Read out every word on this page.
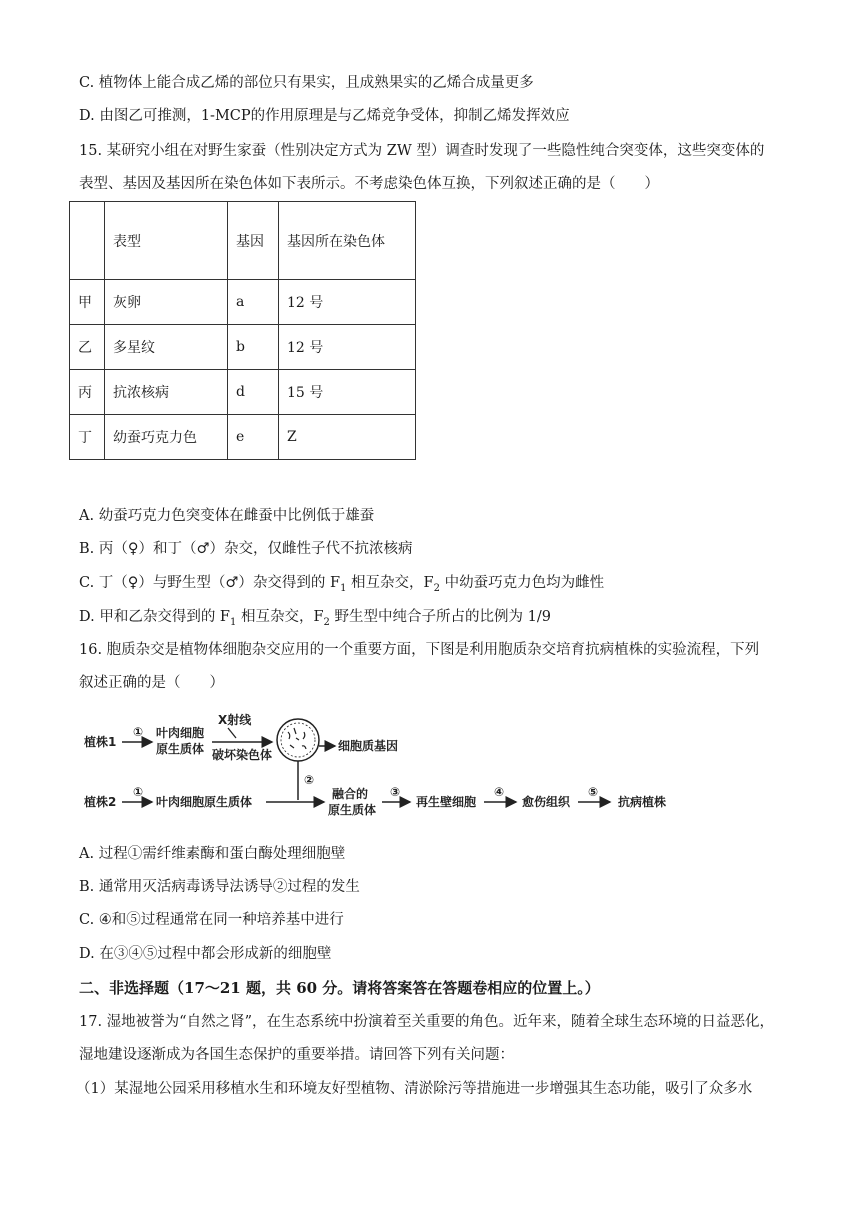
C. 植物体上能合成乙烯的部位只有果实，且成熟果实的乙烯合成量更多
D. 由图乙可推测，1-MCP的作用原理是与乙烯竞争受体，抑制乙烯发挥效应
15. 某研究小组在对野生家蚕（性别决定方式为 ZW 型）调查时发现了一些隐性纯合突变体，这些突变体的
表型、基因及基因所在染色体如下表所示。不考虑染色体互换，下列叙述正确的是（　　）
	表型	基因	基因所在染色体
甲	灰卵	a	12 号
乙	多星纹	b	12 号
丙	抗浓核病	d	15 号
丁	幼蚕巧克力色	e	Z
A. 幼蚕巧克力色突变体在雌蚕中比例低于雄蚕
B. 丙（♀）和丁（♂）杂交，仅雌性子代不抗浓核病
C. 丁（♀）与野生型（♂）杂交得到的 $F_1$ 相互杂交，$F_2$ 中幼蚕巧克力色均为雌性
D. 甲和乙杂交得到的 $F_1$ 相互杂交，$F_2$ 野生型中纯合子所占的比例为 1/9
16. 胞质杂交是植物体细胞杂交应用的一个重要方面，下图是利用胞质杂交培育抗病植株的实验流程，下列
叙述正确的是（　　）
植株1
① 叶肉细胞
原生质体
X射线
破坏染色体
细胞质基因
②
植株2
①
叶肉细胞原生质体
融合的
原生质体
③
再生壁细胞
④
愈伤组织
⑤
抗病植株
A. 过程①需纤维素酶和蛋白酶处理细胞壁
B. 通常用灭活病毒诱导法诱导②过程的发生
C. ④和⑤过程通常在同一种培养基中进行
D. 在③④⑤过程中都会形成新的细胞壁
二、非选择题（17～21 题，共 60 分。请将答案答在答题卷相应的位置上。）
17. 湿地被誉为“自然之肾”，在生态系统中扮演着至关重要的角色。近年来，随着全球生态环境的日益恶化，
湿地建设逐渐成为各国生态保护的重要举措。请回答下列有关问题：
（1）某湿地公园采用移植水生和环境友好型植物、清淤除污等措施进一步增强其生态功能，吸引了众多水
